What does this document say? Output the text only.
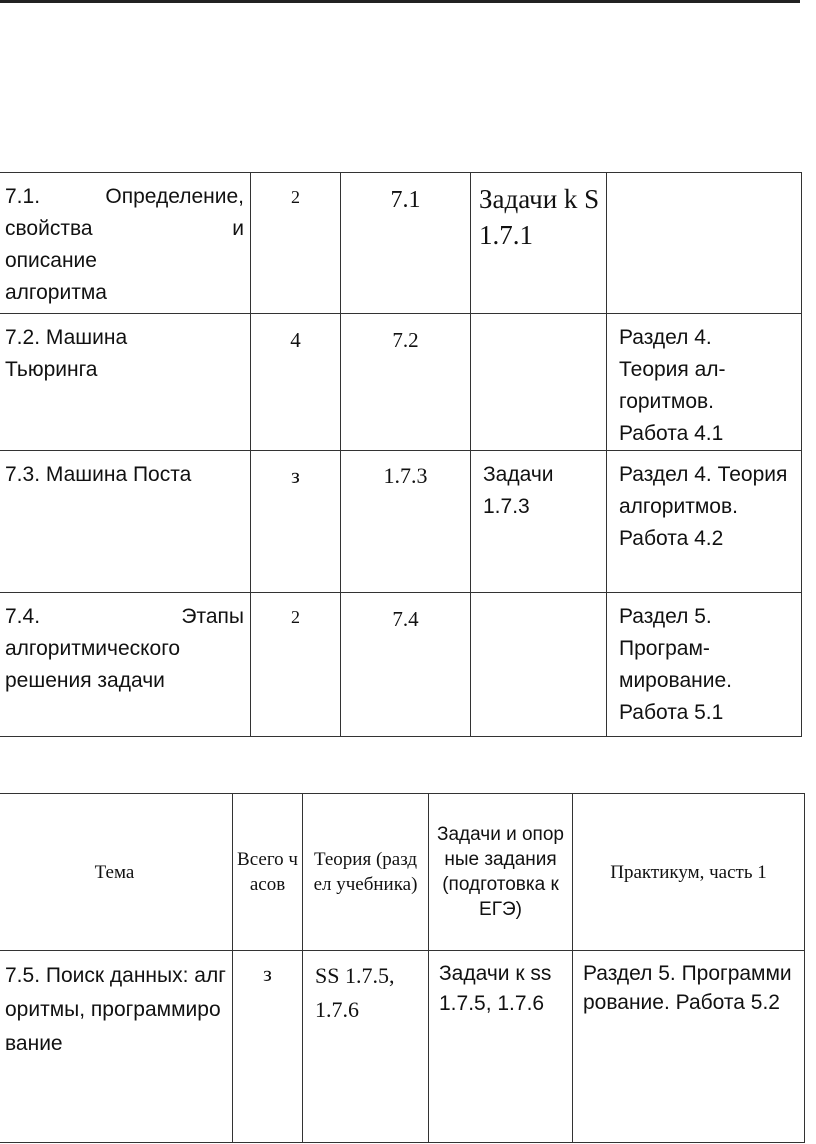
7.1. Определение,
свойства и
описание
алгоритма	2	7.1	Задачи k S 1.7.1	

7.2. Машина
Тьюринга	4	7.2		Раздел 4. Теория ал-горитмов. Работа 4.1

7.3. Машина Поста	з	1.7.3	Задачи 1.7.3	Раздел 4. Теория алгоритмов. Работа 4.2

7.4. Этапы
алгоритмического
решения задачи	2	7.4		Раздел 5. Програм-мирование. Работа 5.1
Тема	Всего часов	Теория (раздел учебника)	Задачи и опорные задания (подготовка к ЕГЭ)	Практикум, часть 1

7.5. Поиск данных: алгоритмы, программирование	з	SS 1.7.5, 1.7.6	Задачи к ss 1.7.5, 1.7.6	Раздел 5. Программирование. Работа 5.2
